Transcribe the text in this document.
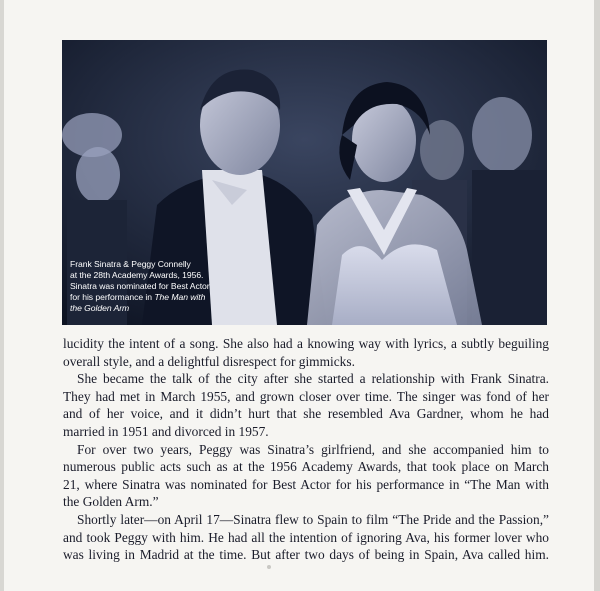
Frank Sinatra & Peggy Connelly
at the 28th Academy Awards, 1956.
Sinatra was nominated for Best Actor
for his performance in The Man with
the Golden Arm

lucidity the intent of a song. She also had a knowing way with lyrics, a subtly beguiling
overall style, and a delightful disrespect for gimmicks.

She became the talk of the city after she started a relationship with Frank Sinatra.
They had met in March 1955, and grown closer over time. The singer was fond of her
and of her voice, and it didn’t hurt that she resembled Ava Gardner, whom he had
married in 1951 and divorced in 1957.

For over two years, Peggy was Sinatra’s girlfriend, and she accompanied him to
numerous public acts such as at the 1956 Academy Awards, that took place on March
21, where Sinatra was nominated for Best Actor for his performance in “The Man with
the Golden Arm.”

Shortly later—on April 17—Sinatra flew to Spain to film “The Pride and the Passion,”
and took Peggy with him. He had all the intention of ignoring Ava, his former lover who
was living in Madrid at the time. But after two days of being in Spain, Ava called him.
